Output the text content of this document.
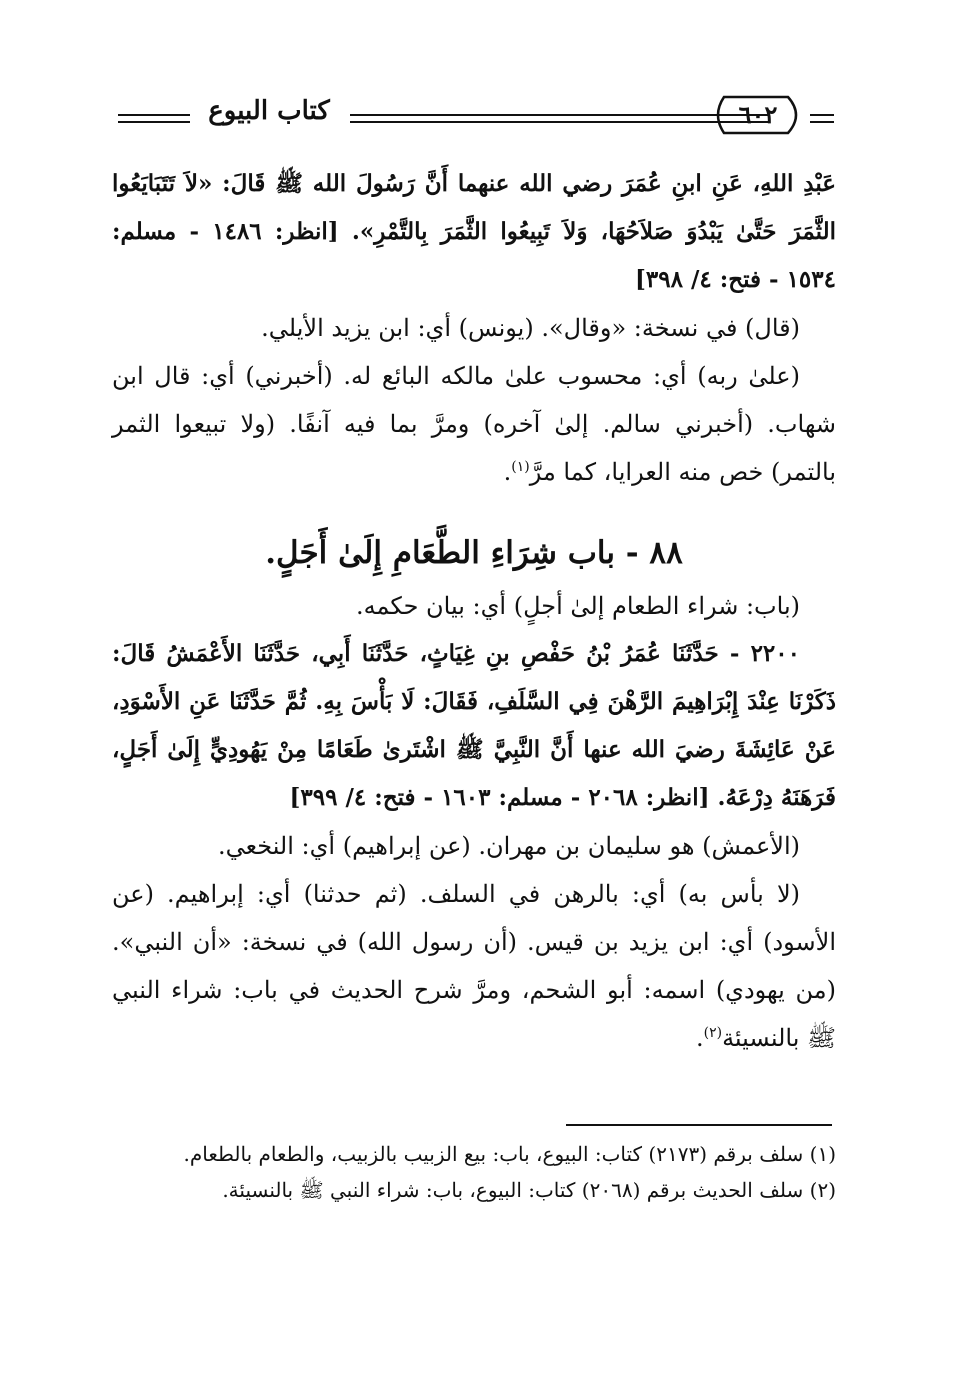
كتاب البيوع	٦٠٢

عَبْدِ اللهِ، عَنِ ابنِ عُمَرَ رضي الله عنهما أَنَّ رَسُولَ الله ﷺ قَالَ: «لاَ تَتَبَايَعُوا الثَّمَرَ حَتَّىٰ يَبْدُوَ صَلاَحُهَا، وَلاَ تَبِيعُوا الثَّمَرَ بِالتَّمْرِ». [انظر: ١٤٨٦ - مسلم: ١٥٣٤ - فتح: ٤/ ٣٩٨]

(قال) في نسخة: «وقال». (يونس) أي: ابن يزيد الأيلي.

(علىٰ ربه) أي: محسوب علىٰ مالكه البائع له. (أخبرني) أي: قال ابن شهاب. (أخبرني سالم. إلىٰ آخره) ومرَّ بما فيه آنفًا. (ولا تبيعوا الثمر بالتمر) خص منه العرايا، كما مرَّ$^{(١)}$.

٨٨ - باب شِرَاءِ الطَّعَامِ إِلَىٰ أَجَلٍ.

(باب: شراء الطعام إلىٰ أجلٍ) أي: بيان حكمه.

٢٢٠٠ - حَدَّثَنَا عُمَرُ بْنُ حَفْصِ بنِ غِيَاثٍ، حَدَّثَنَا أَبِي، حَدَّثَنَا الأَعْمَشُ قَالَ: ذَكَرْنَا عِنْدَ إِبْرَاهِيمَ الرَّهْنَ فِي السَّلَفِ، فَقَالَ: لَا بَأْسَ بِهِ. ثُمَّ حَدَّثَنَا عَنِ الأَسْوَدِ، عَنْ عَائِشَةَ رضيَ الله عنها أَنَّ النَّبِيَّ ﷺ اشْتَرىٰ طَعَامًا مِنْ يَهُودِيٍّ إِلَىٰ أَجَلٍ، فَرَهَنَهُ دِرْعَهُ. [انظر: ٢٠٦٨ - مسلم: ١٦٠٣ - فتح: ٤/ ٣٩٩]

(الأعمش) هو سليمان بن مهران. (عن إبراهيم) أي: النخعي.

(لا بأس به) أي: بالرهن في السلف. (ثم حدثنا) أي: إبراهيم. (عن الأسود) أي: ابن يزيد بن قيس. (أن رسول الله) في نسخة: «أن النبي». (من يهودي) اسمه: أبو الشحم، ومرَّ شرح الحديث في باب: شراء النبي ﷺ بالنسيئة$^{(٢)}$.

(١) سلف برقم (٢١٧٣) كتاب: البيوع، باب: بيع الزبيب بالزبيب، والطعام بالطعام.

(٢) سلف الحديث برقم (٢٠٦٨) كتاب: البيوع، باب: شراء النبي ﷺ بالنسيئة.
